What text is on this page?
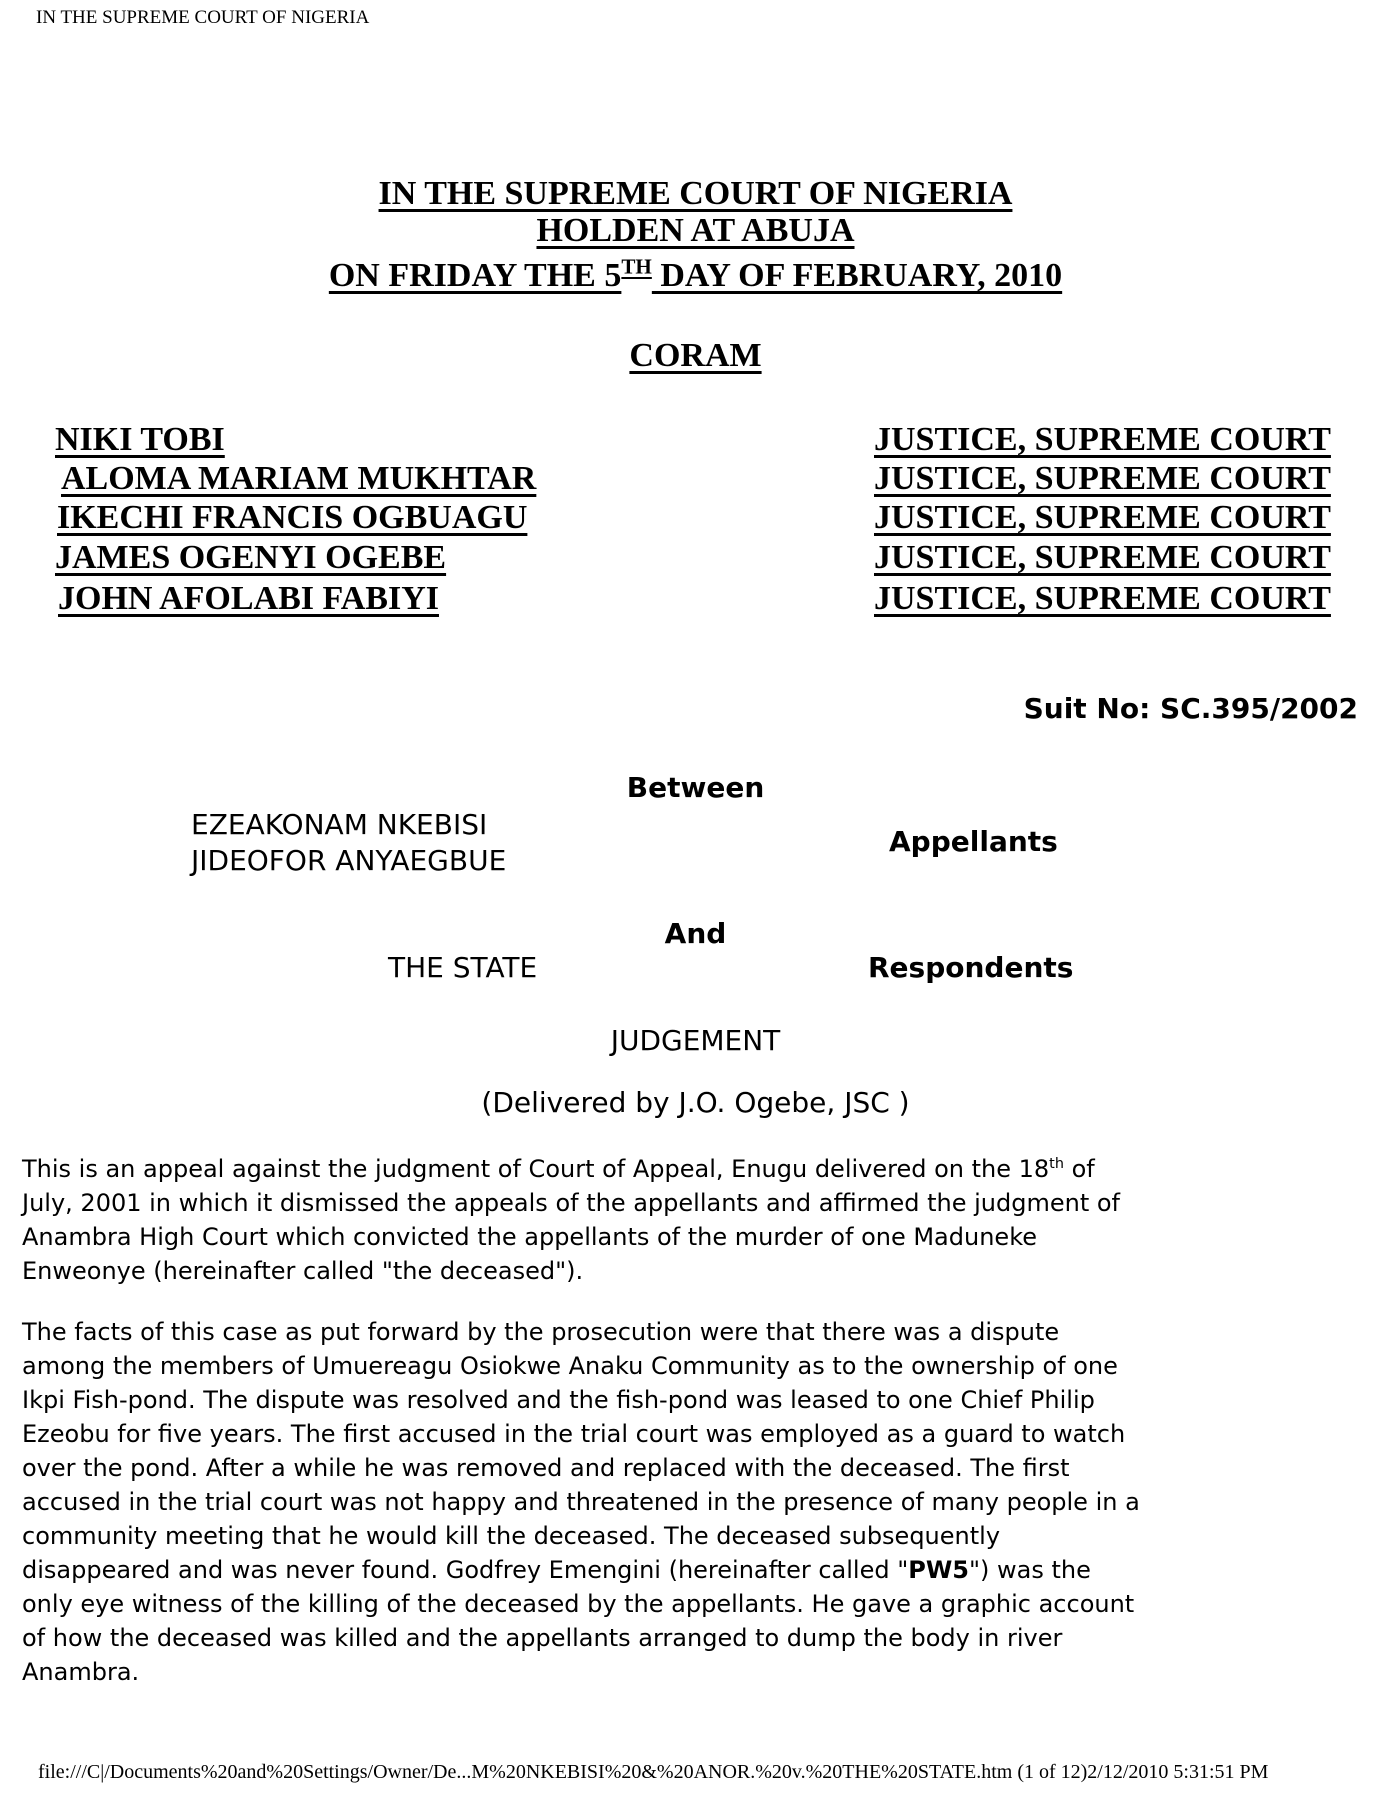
IN THE SUPREME COURT OF NIGERIA
IN THE SUPREME COURT OF NIGERIA
HOLDEN AT ABUJA
ON FRIDAY THE 5TH DAY OF FEBRUARY, 2010
CORAM
NIKI TOBI	JUSTICE, SUPREME COURT
ALOMA MARIAM MUKHTAR	JUSTICE, SUPREME COURT
IKECHI FRANCIS OGBUAGU	JUSTICE, SUPREME COURT
JAMES OGENYI OGEBE	JUSTICE, SUPREME COURT
JOHN AFOLABI FABIYI	JUSTICE, SUPREME COURT
Suit No: SC.395/2002
Between
EZEAKONAM NKEBISI
JIDEOFOR ANYAEGBUE
Appellants
And
THE STATE	Respondents
JUDGEMENT
(Delivered by J.O. Ogebe, JSC )
This is an appeal against the judgment of Court of Appeal, Enugu delivered on the 18th of
July, 2001 in which it dismissed the appeals of the appellants and affirmed the judgment of
Anambra High Court which convicted the appellants of the murder of one Maduneke
Enweonye (hereinafter called "the deceased").
The facts of this case as put forward by the prosecution were that there was a dispute
among the members of Umuereagu Osiokwe Anaku Community as to the ownership of one
Ikpi Fish-pond. The dispute was resolved and the fish-pond was leased to one Chief Philip
Ezeobu for five years. The first accused in the trial court was employed as a guard to watch
over the pond. After a while he was removed and replaced with the deceased. The first
accused in the trial court was not happy and threatened in the presence of many people in a
community meeting that he would kill the deceased. The deceased subsequently
disappeared and was never found. Godfrey Emengini (hereinafter called "PW5") was the
only eye witness of the killing of the deceased by the appellants. He gave a graphic account
of how the deceased was killed and the appellants arranged to dump the body in river
Anambra.
file:///C|/Documents%20and%20Settings/Owner/De...M%20NKEBISI%20&%20ANOR.%20v.%20THE%20STATE.htm (1 of 12)2/12/2010 5:31:51 PM
